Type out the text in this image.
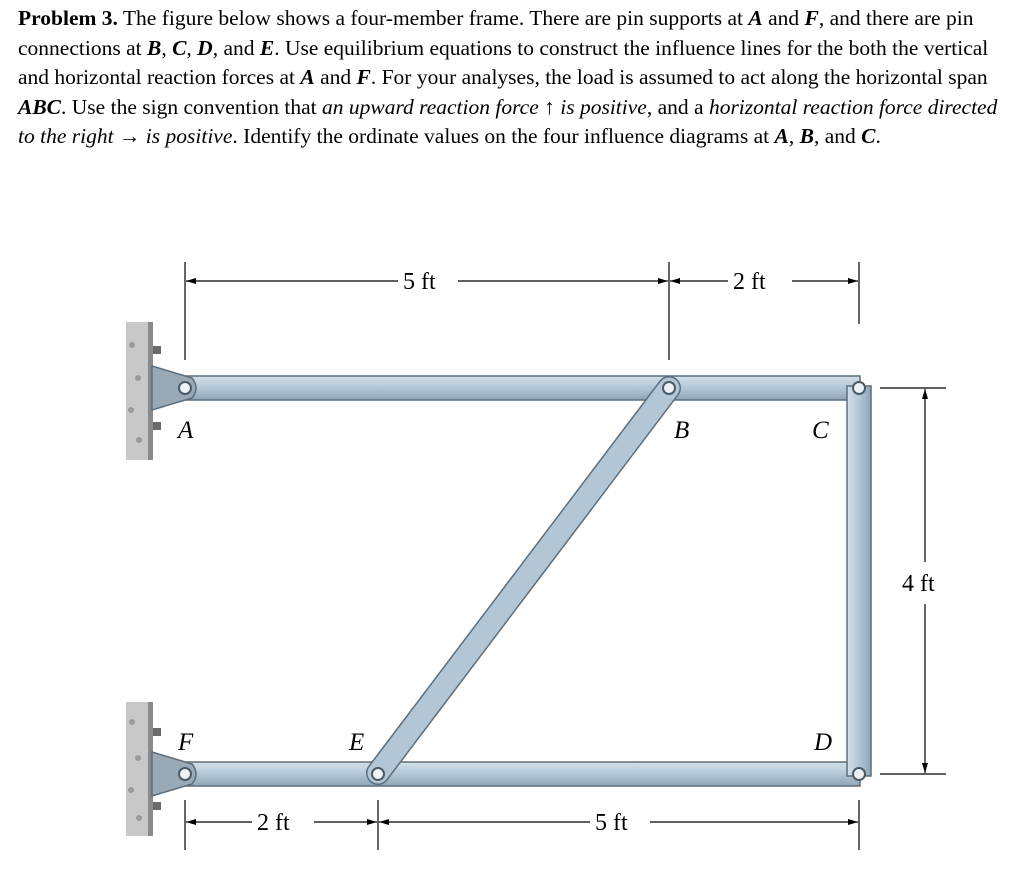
Problem 3. The figure below shows a four-member frame. There are pin supports at A and F, and there are pin connections at B, C, D, and E. Use equilibrium equations to construct the influence lines for the both the vertical and horizontal reaction forces at A and F. For your analyses, the load is assumed to act along the horizontal span ABC. Use the sign convention that an upward reaction force ↑ is positive, and a horizontal reaction force directed to the right → is positive. Identify the ordinate values on the four influence diagrams at A, B, and C.
A	B	C
D
E
F
5 ft	2 ft
2 ft	5 ft
4 ft
